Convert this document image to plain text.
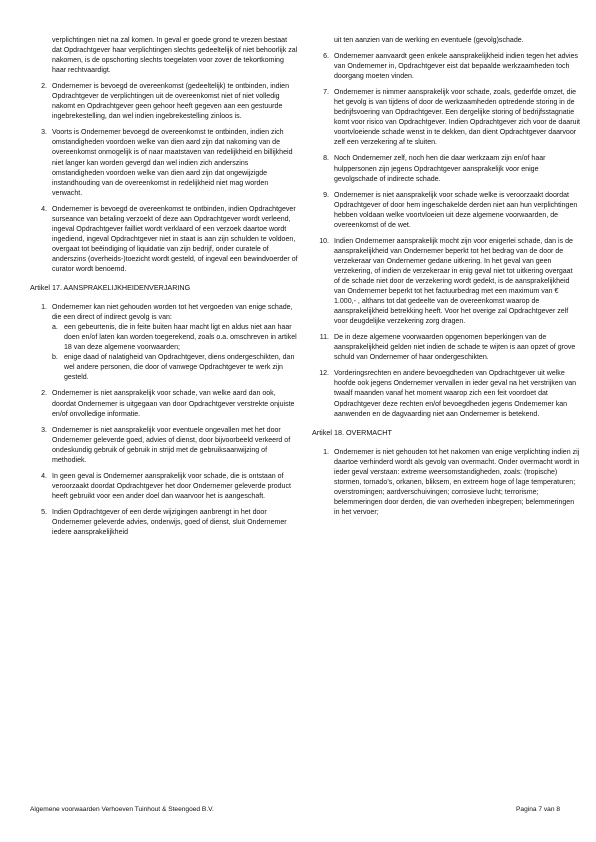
verplichtingen niet na zal komen. In geval er goede grond te vrezen bestaat dat Opdrachtgever haar verplichtingen slechts gedeeltelijk of niet behoorlijk zal nakomen, is de opschorting slechts toegelaten voor zover de tekortkoming haar rechtvaardigt.
2. Ondernemer is bevoegd de overeenkomst (gedeeltelijk) te ontbinden, indien Opdrachtgever de verplichtingen uit de overeenkomst niet of niet volledig nakomt en Opdrachtgever geen gehoor heeft gegeven aan een gestuurde ingebrekestelling, dan wel indien ingebrekestelling zinloos is.
3. Voorts is Ondernemer bevoegd de overeenkomst te ontbinden, indien zich omstandigheden voordoen welke van dien aard zijn dat nakoming van de overeenkomst onmogelijk is of naar maatstaven van redelijkheid en billijkheid niet langer kan worden gevergd dan wel indien zich anderszins omstandigheden voordoen welke van dien aard zijn dat ongewijzigde instandhouding van de overeenkomst in redelijkheid niet mag worden verwacht.
4. Ondernemer is bevoegd de overeenkomst te ontbinden, indien Opdrachtgever surseance van betaling verzoekt of deze aan Opdrachtgever wordt verleend, ingeval Opdrachtgever failliet wordt verklaard of een verzoek daartoe wordt ingediend, ingeval Opdrachtgever niet in staat is aan zijn schulden te voldoen, overgaat tot beëindiging of liquidatie van zijn bedrijf, onder curatele of anderszins (overheids-)toezicht wordt gesteld, of ingeval een bewindvoerder of curator wordt benoemd.
Artikel 17. AANSPRAKELIJKHEIDENVERJARING
1. Ondernemer kan niet gehouden worden tot het vergoeden van enige schade, die een direct of indirect gevolg is van:
a. een gebeurtenis, die in feite buiten haar macht ligt en aldus niet aan haar doen en/of laten kan worden toegerekend, zoals o.a. omschreven in artikel 18 van deze algemene voorwaarden;
b. enige daad of nalatigheid van Opdrachtgever, diens ondergeschikten, dan wel andere personen, die door of vanwege Opdrachtgever te werk zijn gesteld.
2. Ondernemer is niet aansprakelijk voor schade, van welke aard dan ook, doordat Ondernemer is uitgegaan van door Opdrachtgever verstrekte onjuiste en/of onvolledige informatie.
3. Ondernemer is niet aansprakelijk voor eventuele ongevallen met het door Ondernemer geleverde goed, advies of dienst, door bijvoorbeeld verkeerd of ondeskundig gebruik of gebruik in strijd met de gebruiksaanwijzing of methodiek.
4. In geen geval is Ondernemer aansprakelijk voor schade, die is ontstaan of veroorzaakt doordat Opdrachtgever het door Ondernemer geleverde product heeft gebruikt voor een ander doel dan waarvoor het is aangeschaft.
5. Indien Opdrachtgever of een derde wijzigingen aanbrengt in het door Ondernemer geleverde advies, onderwijs, goed of dienst, sluit Ondernemer iedere aansprakelijkheid
uit ten aanzien van de werking en eventuele (gevolg)schade.
6. Ondernemer aanvaardt geen enkele aansprakelijkheid indien tegen het advies van Ondernemer in, Opdrachtgever eist dat bepaalde werkzaamheden toch doorgang moeten vinden.
7. Ondernemer is nimmer aansprakelijk voor schade, zoals, gederfde omzet, die het gevolg is van tijdens of door de werkzaamheden optredende storing in de bedrijfsvoering van Opdrachtgever. Een dergelijke storing of bedrijfsstagnatie komt voor risico van Opdrachtgever. Indien Opdrachtgever zich voor de daaruit voortvloeiende schade wenst in te dekken, dan dient Opdrachtgever daarvoor zelf een verzekering af te sluiten.
8. Noch Ondernemer zelf, noch hen die daar werkzaam zijn en/of haar hulppersonen zijn jegens Opdrachtgever aansprakelijk voor enige gevolgschade of indirecte schade.
9. Ondernemer is niet aansprakelijk voor schade welke is veroorzaakt doordat Opdrachtgever of door hem ingeschakelde derden niet aan hun verplichtingen hebben voldaan welke voortvloeien uit deze algemene voorwaarden, de overeenkomst of de wet.
10. Indien Ondernemer aansprakelijk mocht zijn voor enigerlei schade, dan is de aansprakelijkheid van Ondernemer beperkt tot het bedrag van de door de verzekeraar van Ondernemer gedane uitkering. In het geval van geen verzekering, of indien de verzekeraar in enig geval niet tot uitkering overgaat of de schade niet door de verzekering wordt gedekt, is de aansprakelijkheid van Ondernemer beperkt tot het factuurbedrag met een maximum van € 1.000,- , althans tot dat gedeelte van de overeenkomst waarop de aansprakelijkheid betrekking heeft. Voor het overige zal Opdrachtgever zelf voor deugdelijke verzekering zorg dragen.
11. De in deze algemene voorwaarden opgenomen beperkingen van de aansprakelijkheid gelden niet indien de schade te wijten is aan opzet of grove schuld van Ondernemer of haar ondergeschikten.
12. Vorderingsrechten en andere bevoegdheden van Opdrachtgever uit welke hoofde ook jegens Ondernemer vervallen in ieder geval na het verstrijken van twaalf maanden vanaf het moment waarop zich een feit voordoet dat Opdrachtgever deze rechten en/of bevoegdheden jegens Ondernemer kan aanwenden en de dagvaarding niet aan Ondernemer is betekend.
Artikel 18. OVERMACHT
1. Ondernemer is niet gehouden tot het nakomen van enige verplichting indien zij daartoe verhinderd wordt als gevolg van overmacht. Onder overmacht wordt in ieder geval verstaan: extreme weersomstandigheden, zoals: (tropische) stormen, tornado’s, orkanen, bliksem, en extreem hoge of lage temperaturen; overstromingen; aardverschuivingen; corrosieve lucht; terrorisme; belemmeringen door derden, die van overheden inbegrepen; belemmeringen in het vervoer;
Algemene voorwaarden Verhoeven Tuinhout & Steengoed B.V.	Pagina 7 van 8
